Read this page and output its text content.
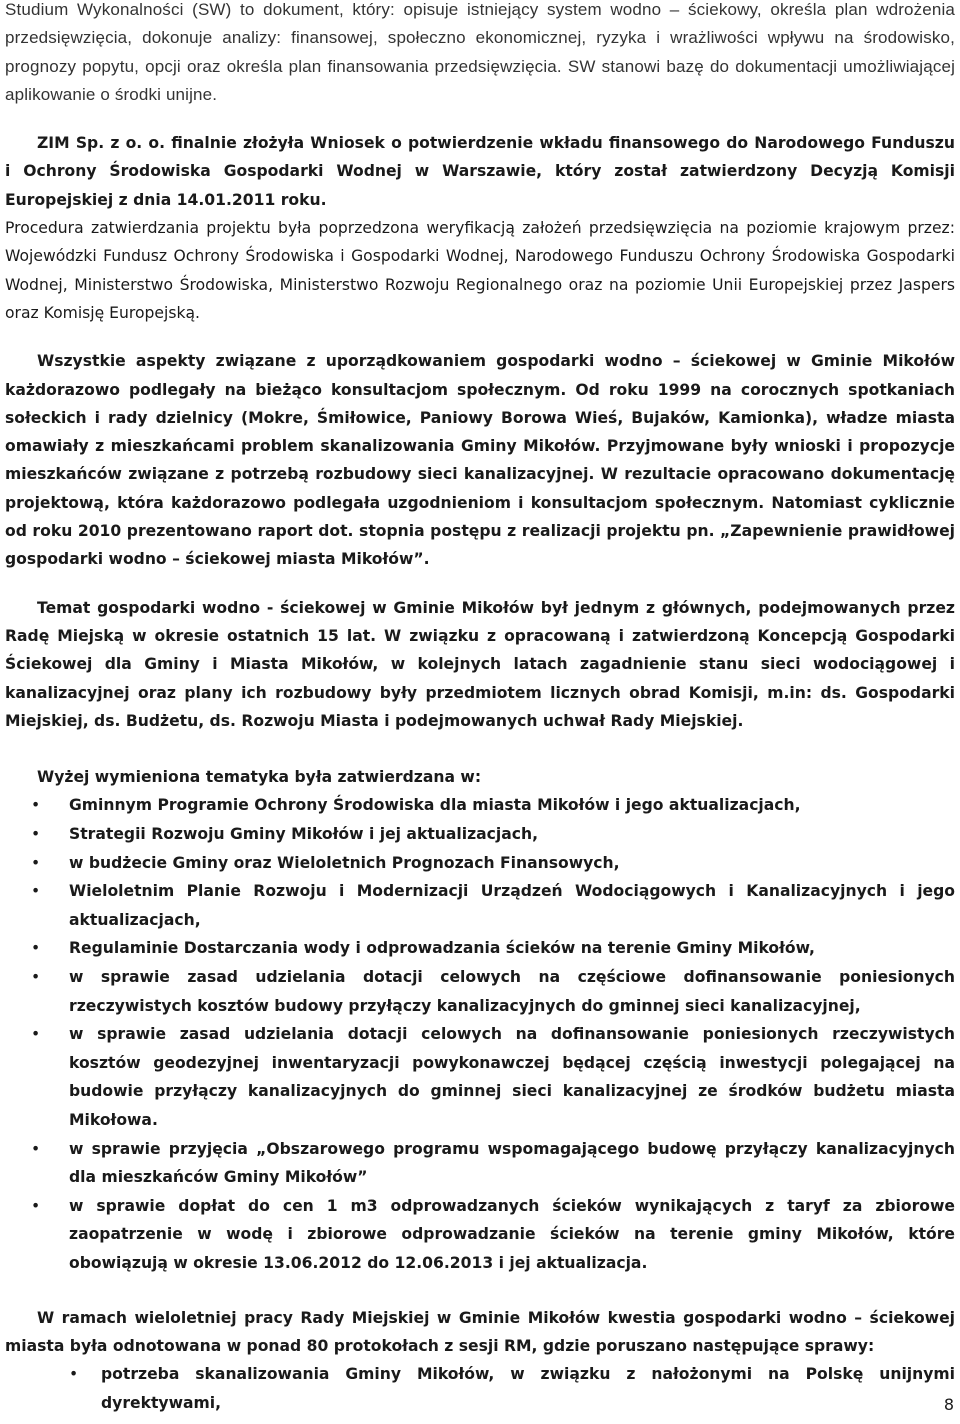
Studium Wykonalności (SW) to dokument, który: opisuje istniejący system wodno – ściekowy, określa plan wdrożenia przedsięwzięcia, dokonuje analizy: finansowej, społeczno ekonomicznej, ryzyka i wrażliwości wpływu na środowisko, prognozy popytu, opcji oraz określa plan finansowania przedsięwzięcia. SW stanowi bazę do dokumentacji umożliwiającej aplikowanie o środki unijne.

ZIM Sp. z o. o. finalnie złożyła Wniosek o potwierdzenie wkładu finansowego do Narodowego Funduszu i Ochrony Środowiska Gospodarki Wodnej w Warszawie, który został zatwierdzony Decyzją Komisji Europejskiej z dnia 14.01.2011 roku.

Procedura zatwierdzania projektu była poprzedzona weryfikacją założeń przedsięwzięcia na poziomie krajowym przez: Wojewódzki Fundusz Ochrony Środowiska i Gospodarki Wodnej, Narodowego Funduszu Ochrony Środowiska Gospodarki Wodnej, Ministerstwo Środowiska, Ministerstwo Rozwoju Regionalnego oraz na poziomie Unii Europejskiej przez Jaspers oraz Komisję Europejską.

Wszystkie aspekty związane z uporządkowaniem gospodarki wodno – ściekowej w Gminie Mikołów każdorazowo podlegały na bieżąco konsultacjom społecznym. Od roku 1999 na corocznych spotkaniach sołeckich i rady dzielnicy (Mokre, Śmiłowice, Paniowy Borowa Wieś, Bujaków, Kamionka), władze miasta omawiały z mieszkańcami problem skanalizowania Gminy Mikołów. Przyjmowane były wnioski i propozycje mieszkańców związane z potrzebą rozbudowy sieci kanalizacyjnej. W rezultacie opracowano dokumentację projektową, która każdorazowo podlegała uzgodnieniom i konsultacjom społecznym. Natomiast cyklicznie od roku 2010 prezentowano raport dot. stopnia postępu z realizacji projektu pn. „Zapewnienie prawidłowej gospodarki wodno – ściekowej miasta Mikołów”.

Temat gospodarki wodno - ściekowej w Gminie Mikołów był jednym z głównych, podejmowanych przez Radę Miejską w okresie ostatnich 15 lat. W związku z opracowaną i zatwierdzoną Koncepcją Gospodarki Ściekowej dla Gminy i Miasta Mikołów, w kolejnych latach zagadnienie stanu sieci wodociągowej i kanalizacyjnej oraz plany ich rozbudowy były przedmiotem licznych obrad Komisji, m.in: ds. Gospodarki Miejskiej, ds. Budżetu, ds. Rozwoju Miasta i podejmowanych uchwał Rady Miejskiej.

Wyżej wymieniona tematyka była zatwierdzana w:

• Gminnym Programie Ochrony Środowiska dla miasta Mikołów i jego aktualizacjach,
• Strategii Rozwoju Gminy Mikołów i jej aktualizacjach,
• w budżecie Gminy oraz Wieloletnich Prognozach Finansowych,
• Wieloletnim Planie Rozwoju i Modernizacji Urządzeń Wodociągowych i Kanalizacyjnych i jego aktualizacjach,
• Regulaminie Dostarczania wody i odprowadzania ścieków na terenie Gminy Mikołów,
• w sprawie zasad udzielania dotacji celowych na częściowe dofinansowanie poniesionych rzeczywistych kosztów budowy przyłączy kanalizacyjnych do gminnej sieci kanalizacyjnej,
• w sprawie zasad udzielania dotacji celowych na dofinansowanie poniesionych rzeczywistych kosztów geodezyjnej inwentaryzacji powykonawczej będącej częścią inwestycji polegającej na budowie przyłączy kanalizacyjnych do gminnej sieci kanalizacyjnej ze środków budżetu miasta Mikołowa.
• w sprawie przyjęcia „Obszarowego programu wspomagającego budowę przyłączy kanalizacyjnych dla mieszkańców Gminy Mikołów”
• w sprawie dopłat do cen 1 m3 odprowadzanych ścieków wynikających z taryf za zbiorowe zaopatrzenie w wodę i zbiorowe odprowadzanie ścieków na terenie gminy Mikołów, które obowiązują w okresie 13.06.2012 do 12.06.2013 i jej aktualizacja.

W ramach wieloletniej pracy Rady Miejskiej w Gminie Mikołów kwestia gospodarki wodno – ściekowej miasta była odnotowana w ponad 80 protokołach z sesji RM, gdzie poruszano następujące sprawy:

• potrzeba skanalizowania Gminy Mikołów, w związku z nałożonymi na Polskę unijnymi dyrektywami,	8
